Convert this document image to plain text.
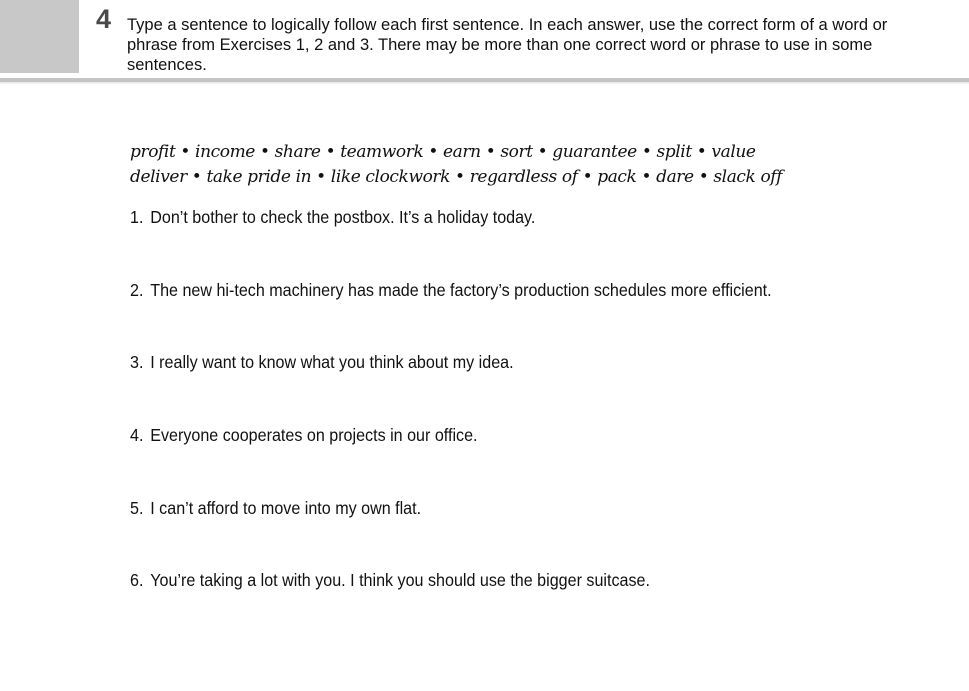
4 Type a sentence to logically follow each first sentence. In each answer, use the correct form of a word or phrase from Exercises 1, 2 and 3. There may be more than one correct word or phrase to use in some sentences.
profit • income • share • teamwork • earn • sort • guarantee • split • value
deliver • take pride in • like clockwork • regardless of • pack • dare • slack off
1. Don’t bother to check the postbox. It’s a holiday today.
2. The new hi-tech machinery has made the factory’s production schedules more efficient.
3. I really want to know what you think about my idea.
4. Everyone cooperates on projects in our office.
5. I can’t afford to move into my own flat.
6. You’re taking a lot with you. I think you should use the bigger suitcase.
